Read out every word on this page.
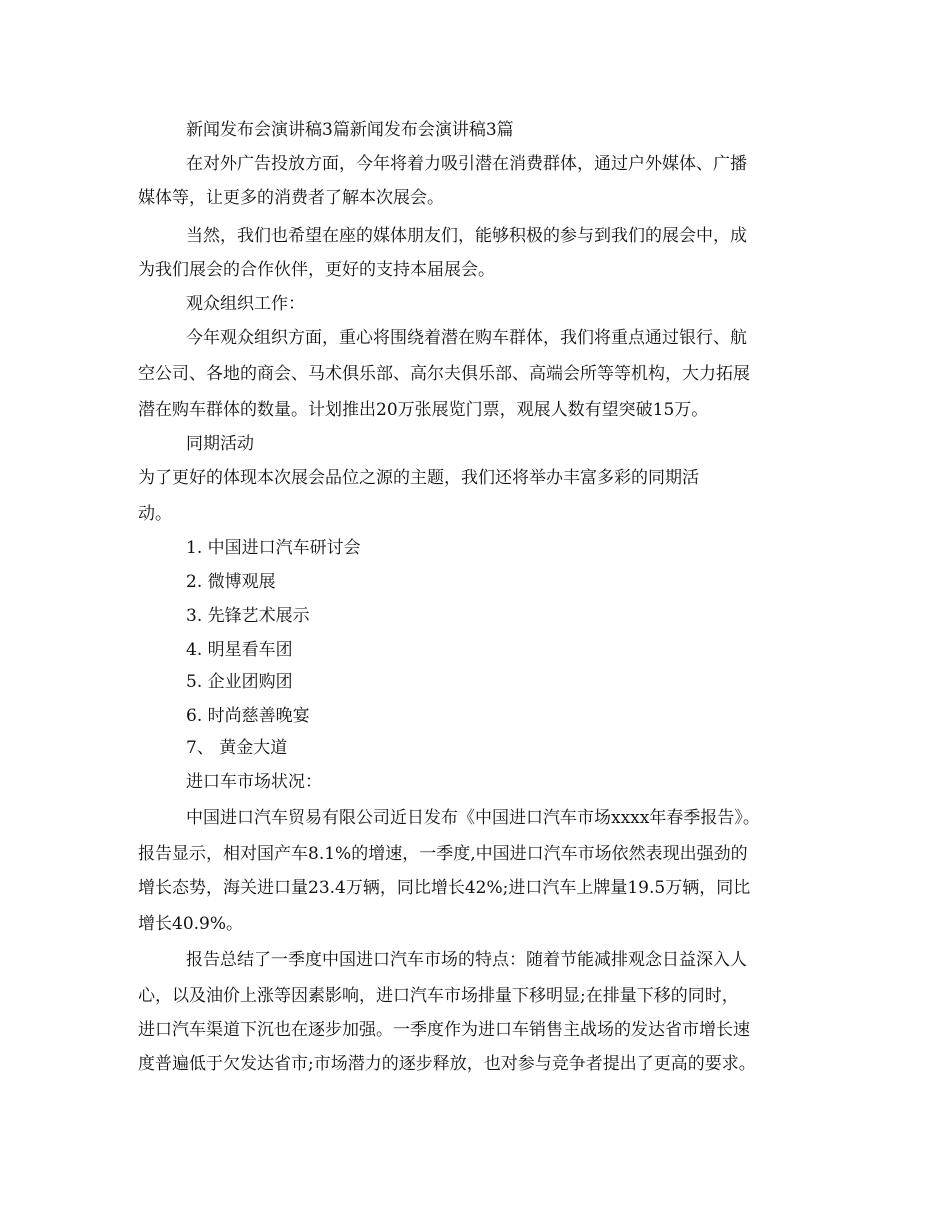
新闻发布会演讲稿3篇新闻发布会演讲稿3篇
在对外广告投放方面，今年将着力吸引潜在消费群体，通过户外媒体、广播
媒体等，让更多的消费者了解本次展会。
当然，我们也希望在座的媒体朋友们，能够积极的参与到我们的展会中，成
为我们展会的合作伙伴，更好的支持本届展会。
观众组织工作：
今年观众组织方面，重心将围绕着潜在购车群体，我们将重点通过银行、航
空公司、各地的商会、马术俱乐部、高尔夫俱乐部、高端会所等等机构，大力拓展
潜在购车群体的数量。计划推出20万张展览门票，观展人数有望突破15万。
同期活动
为了更好的体现本次展会品位之源的主题，我们还将举办丰富多彩的同期活
动。
1. 中国进口汽车研讨会
2. 微博观展
3. 先锋艺术展示
4. 明星看车团
5. 企业团购团
6. 时尚慈善晚宴
7、 黄金大道
进口车市场状况：
中国进口汽车贸易有限公司近日发布《中国进口汽车市场xxxx年春季报告》。
报告显示，相对国产车8.1%的增速，一季度,中国进口汽车市场依然表现出强劲的
增长态势，海关进口量23.4万辆，同比增长42%;进口汽车上牌量19.5万辆，同比
增长40.9%。
报告总结了一季度中国进口汽车市场的特点：随着节能减排观念日益深入人
心，以及油价上涨等因素影响，进口汽车市场排量下移明显;在排量下移的同时，
进口汽车渠道下沉也在逐步加强。一季度作为进口车销售主战场的发达省市增长速
度普遍低于欠发达省市;市场潜力的逐步释放，也对参与竞争者提出了更高的要求。
